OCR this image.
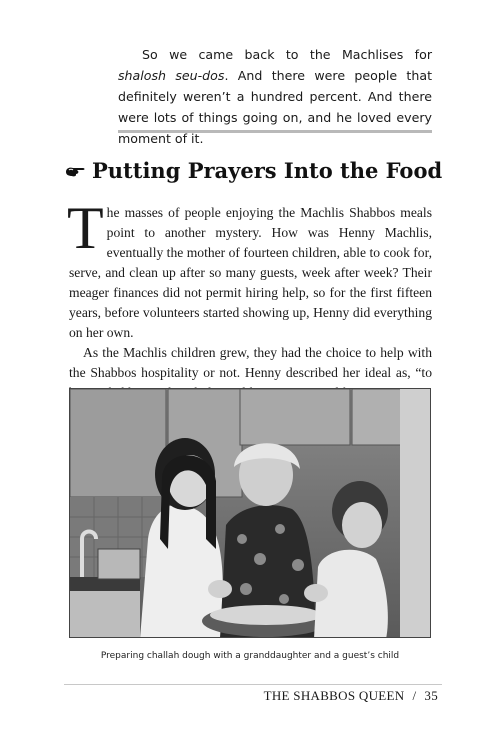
So we came back to the Machlises for shalosh seu-dos. And there were people that definitely weren’t a hundred percent. And there were lots of things going on, and he loved every moment of it.

Putting Prayers Into the Food

The masses of people enjoying the Machlis Shabbos meals point to another mystery. How was Henny Machlis, eventually the mother of fourteen children, able to cook for, serve, and clean up after so many guests, week after week? Their meager finances did not permit hiring help, so for the first fifteen years, before volunteers started showing up, Henny did everything on her own.

As the Machlis children grew, they had the choice to help with the Shabbos hospitality or not. Henny described her ideal as, “to

Preparing challah dough with a granddaughter and a guest’s child
THE SHABBOS QUEEN / 35
